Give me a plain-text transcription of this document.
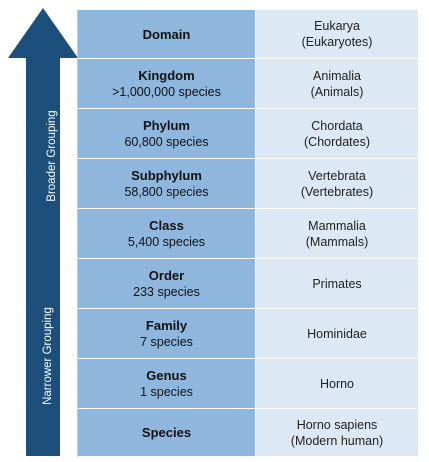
Broader Grouping
Narrower Grouping
Domain
Eukarya
(Eukaryotes)
Kingdom
>1,000,000 species
Animalia
(Animals)
Phylum
60,800 species
Chordata
(Chordates)
Subphylum
58,800 species
Vertebrata
(Vertebrates)
Class
5,400 species
Mammalia
(Mammals)
Order
233 species
Primates
Family
7 species
Hominidae
Genus
1 species
Horno
Species
Horno sapiens
(Modern human)
